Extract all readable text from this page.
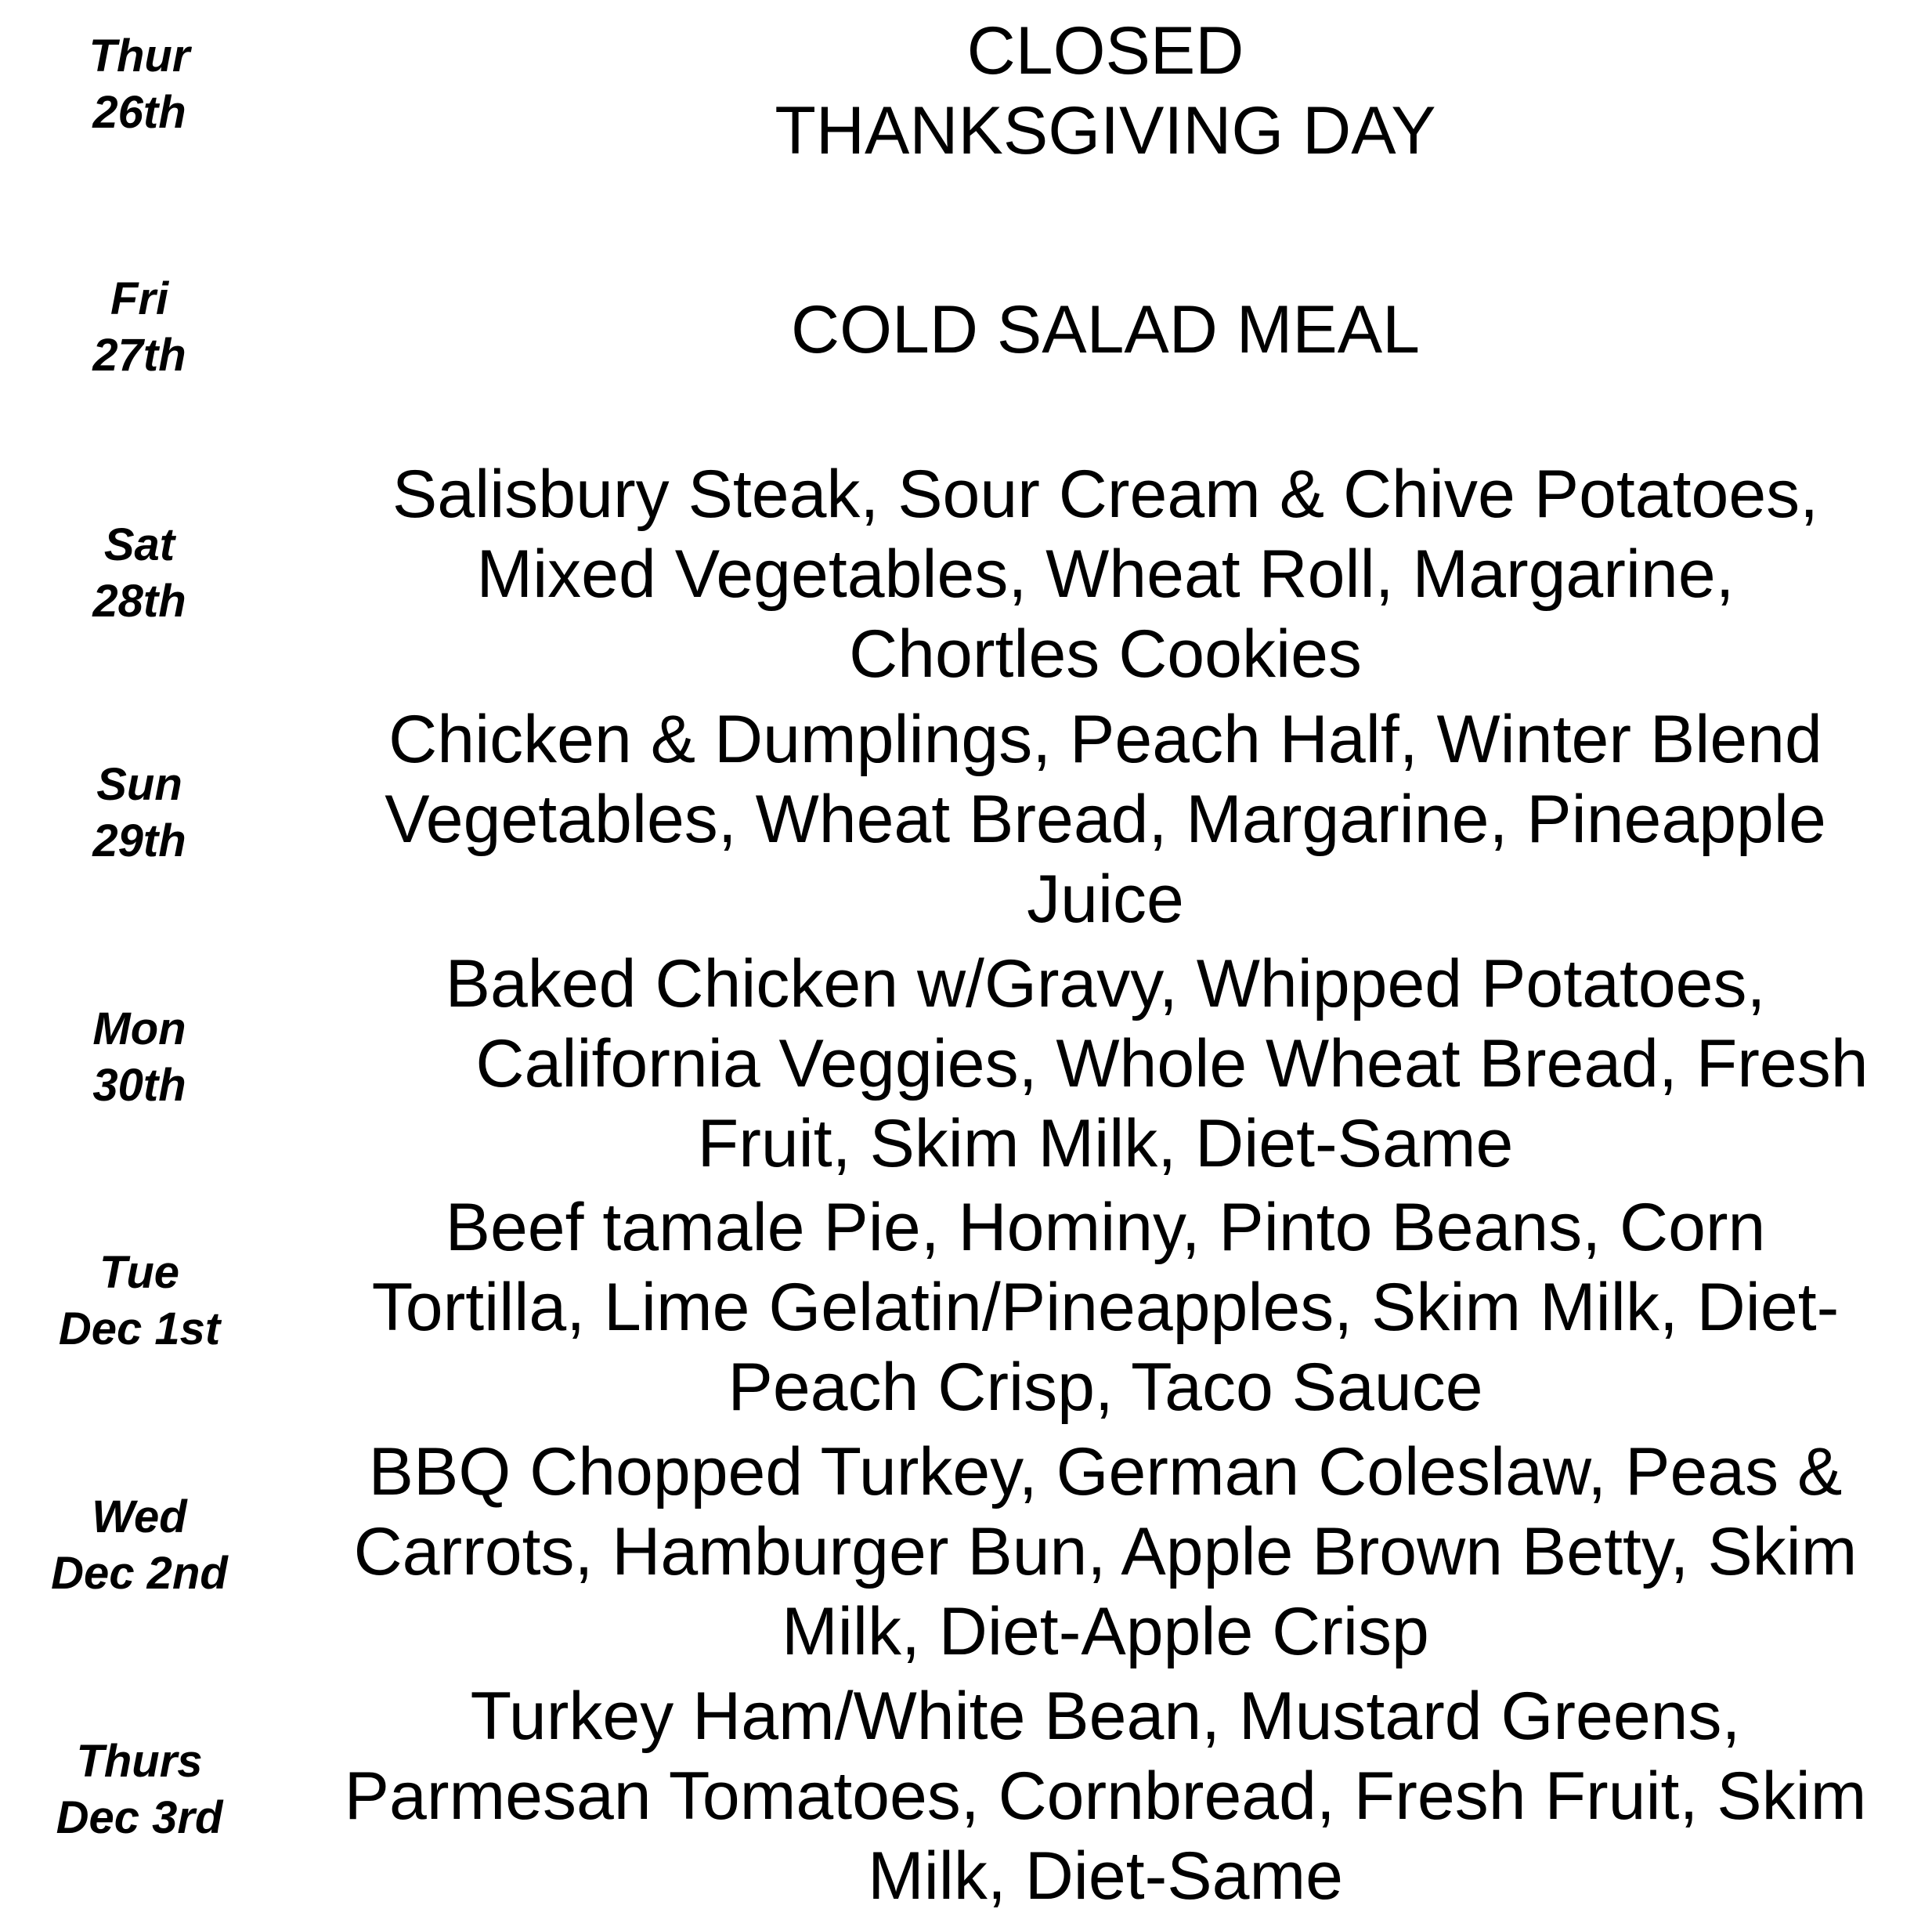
Thur
26th
CLOSED
THANKSGIVING DAY
Fri
27th	COLD SALAD MEAL
Sat
28th
Salisbury Steak, Sour Cream & Chive Potatoes,
Mixed Vegetables, Wheat Roll, Margarine,
Chortles Cookies
Sun
29th
Chicken & Dumplings, Peach Half, Winter Blend
Vegetables, Wheat Bread, Margarine, Pineapple
Juice
Mon
30th
Baked Chicken w/Gravy, Whipped Potatoes,
California Veggies, Whole Wheat Bread, Fresh
Fruit, Skim Milk, Diet-Same
Tue
Dec 1st
Beef tamale Pie, Hominy, Pinto Beans, Corn
Tortilla, Lime Gelatin/Pineapples, Skim Milk, Diet-
Peach Crisp, Taco Sauce
Wed
Dec 2nd
BBQ Chopped Turkey, German Coleslaw, Peas &
Carrots, Hamburger Bun, Apple Brown Betty, Skim
Milk, Diet-Apple Crisp
Thurs
Dec 3rd
Turkey Ham/White Bean, Mustard Greens,
Parmesan Tomatoes, Cornbread, Fresh Fruit, Skim
Milk, Diet-Same
